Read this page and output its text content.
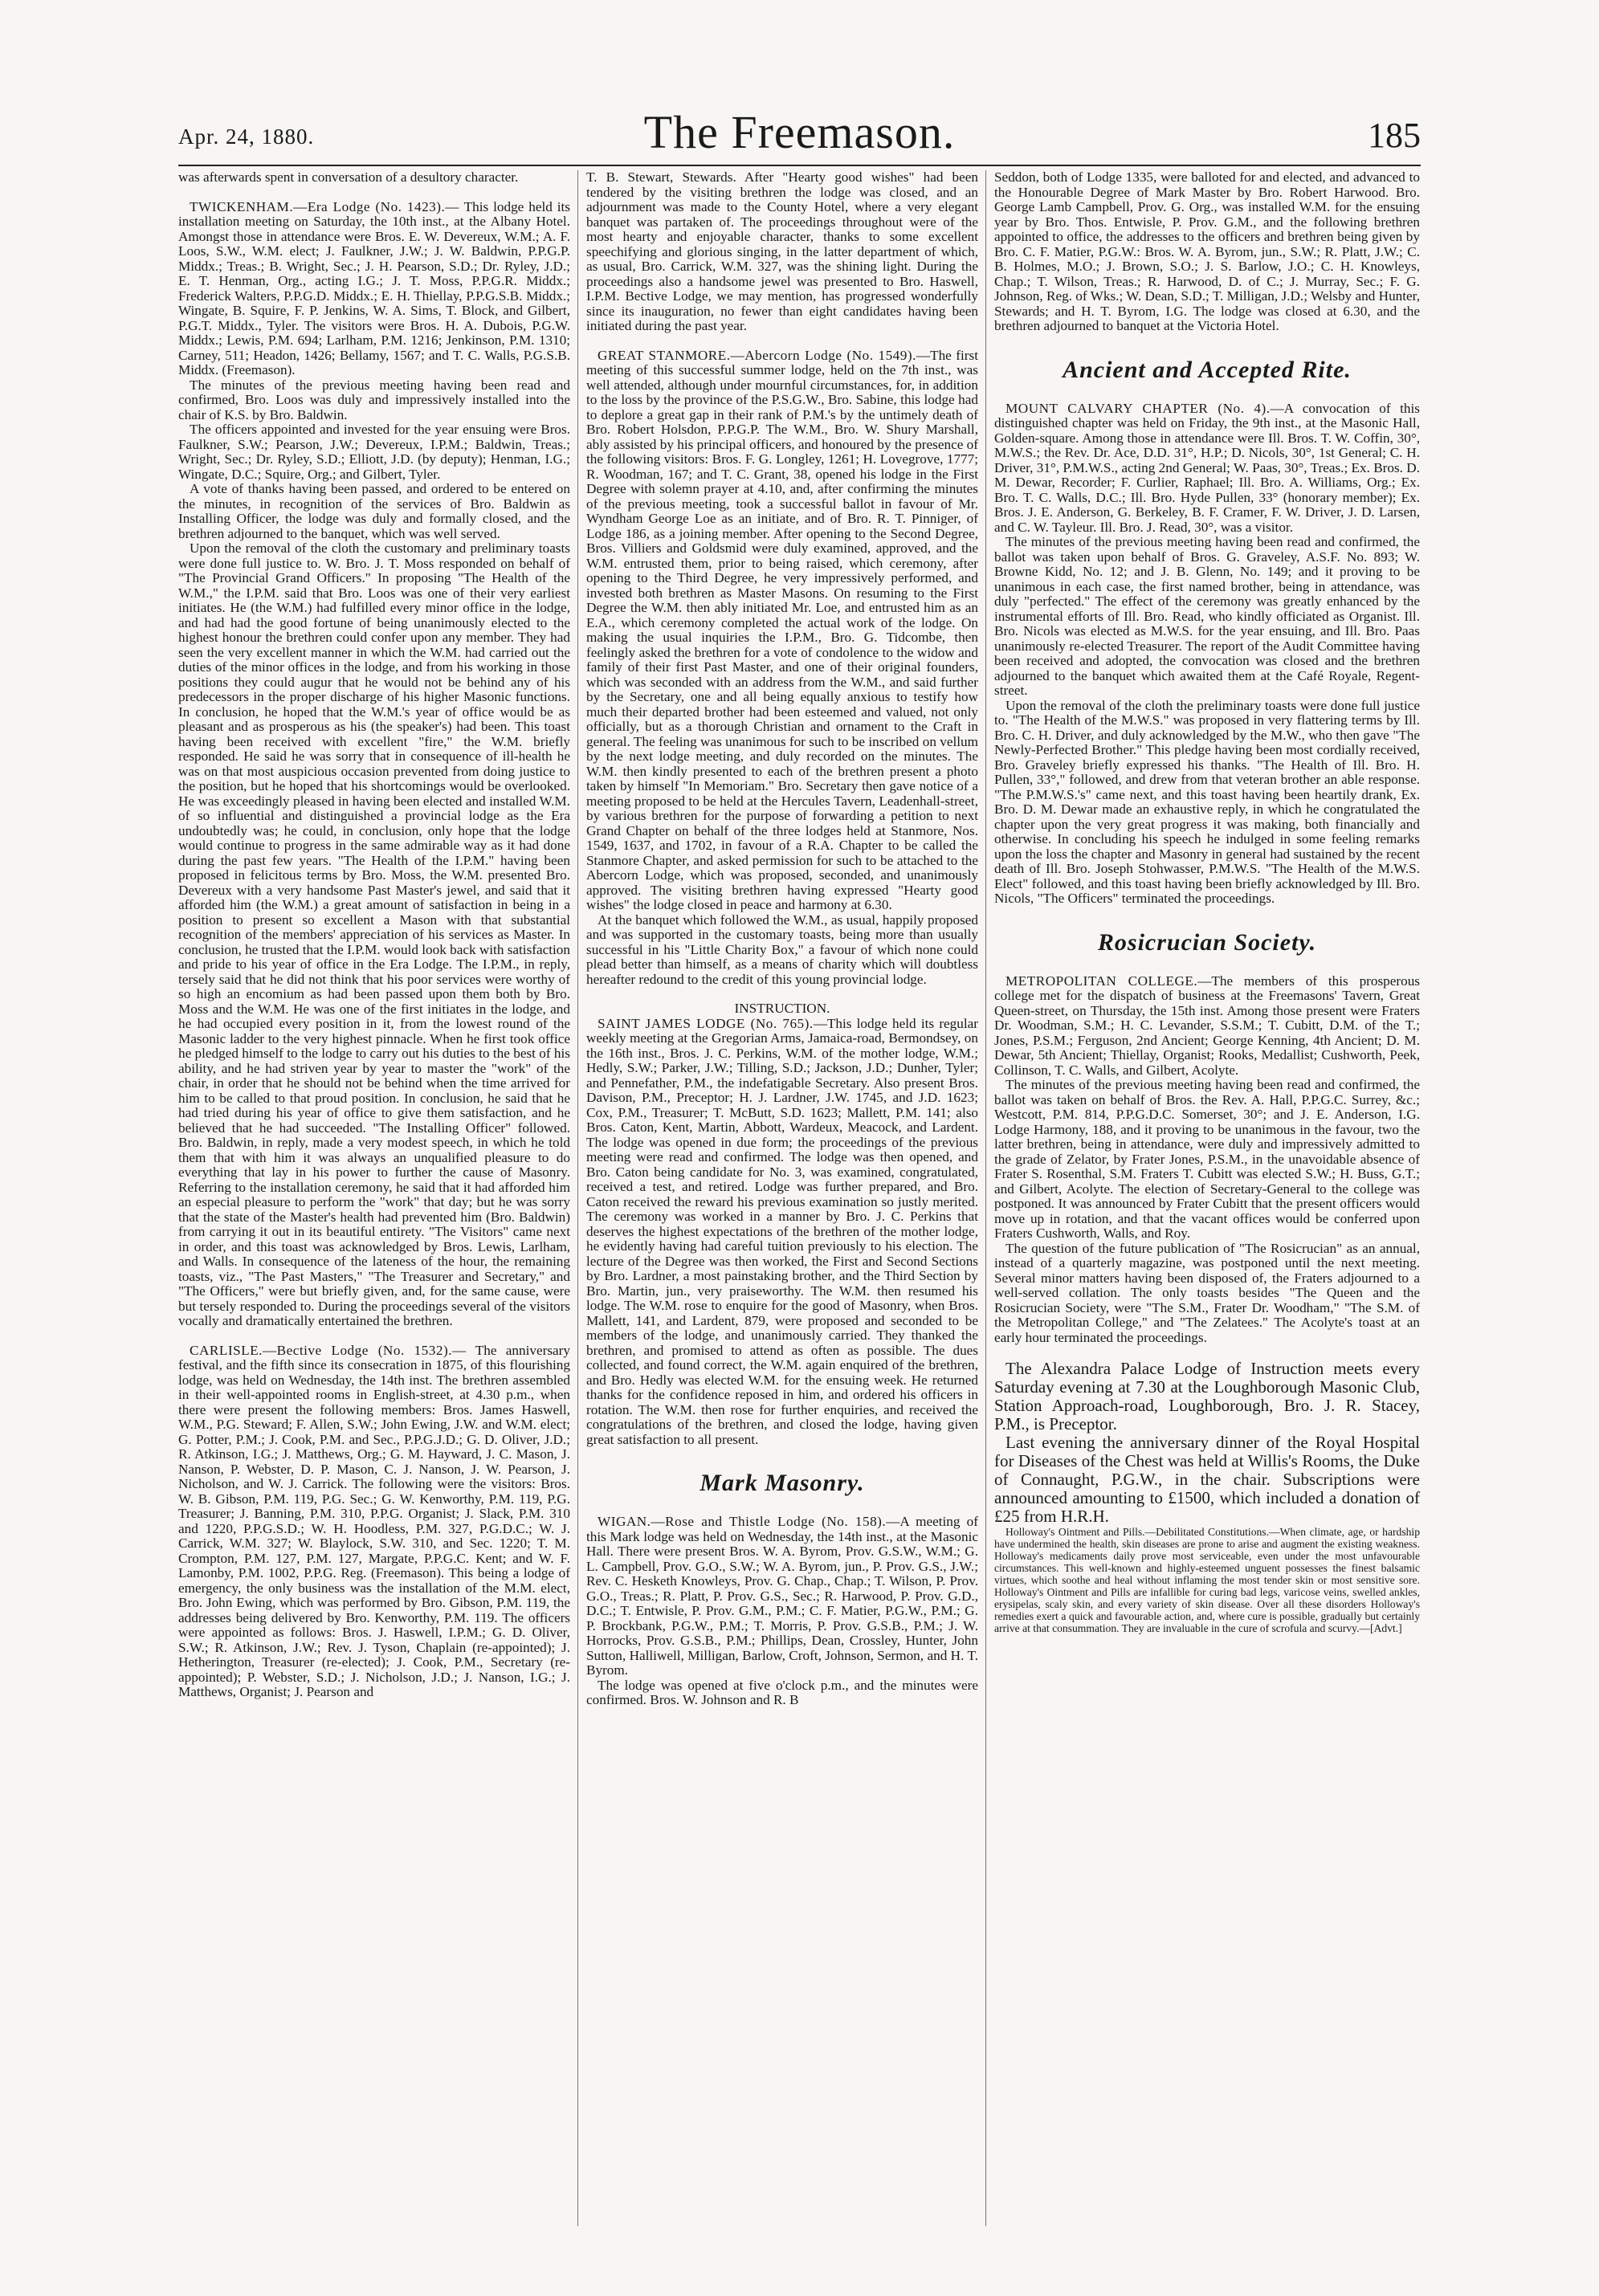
Apr. 24, 1880.	The Freemason.	185

was afterwards spent in conversation of a desultory character.

TWICKENHAM.—Era Lodge (No. 1423).— This lodge held its installation meeting on Saturday, the 10th inst., at the Albany Hotel. Amongst those in attendance were Bros. E. W. Devereux, W.M.; A. F. Loos, S.W., W.M. elect; J. Faulkner, J.W.; J. W. Baldwin, P.P.G.P. Middx.; Treas.; B. Wright, Sec.; J. H. Pearson, S.D.; Dr. Ryley, J.D.; E. T. Henman, Org., acting I.G.; J. T. Moss, P.P.G.R. Middx.; Frederick Walters, P.P.G.D. Middx.; E. H. Thiellay, P.P.G.S.B. Middx.; Wingate, B. Squire, F. P. Jenkins, W. A. Sims, T. Block, and Gilbert, P.G.T. Middx., Tyler. The visitors were Bros. H. A. Dubois, P.G.W. Middx.; Lewis, P.M. 694; Larlham, P.M. 1216; Jenkinson, P.M. 1310; Carney, 511; Headon, 1426; Bellamy, 1567; and T. C. Walls, P.G.S.B. Middx. (Freemason).

The minutes of the previous meeting having been read and confirmed, Bro. Loos was duly and impressively installed into the chair of K.S. by Bro. Baldwin.

The officers appointed and invested for the year ensuing were Bros. Faulkner, S.W.; Pearson, J.W.; Devereux, I.P.M.; Baldwin, Treas.; Wright, Sec.; Dr. Ryley, S.D.; Elliott, J.D. (by deputy); Henman, I.G.; Wingate, D.C.; Squire, Org.; and Gilbert, Tyler.

A vote of thanks having been passed, and ordered to be entered on the minutes, in recognition of the services of Bro. Baldwin as Installing Officer, the lodge was duly and formally closed, and the brethren adjourned to the banquet, which was well served.

Upon the removal of the cloth the customary and preliminary toasts were done full justice to. W. Bro. J. T. Moss responded on behalf of "The Provincial Grand Officers." In proposing "The Health of the W.M.," the I.P.M. said that Bro. Loos was one of their very earliest initiates. He (the W.M.) had fulfilled every minor office in the lodge, and had had the good fortune of being unanimously elected to the highest honour the brethren could confer upon any member. They had seen the very excellent manner in which the W.M. had carried out the duties of the minor offices in the lodge, and from his working in those positions they could augur that he would not be behind any of his predecessors in the proper discharge of his higher Masonic functions. In conclusion, he hoped that the W.M.'s year of office would be as pleasant and as prosperous as his (the speaker's) had been. This toast having been received with excellent "fire," the W.M. briefly responded. He said he was sorry that in consequence of ill-health he was on that most auspicious occasion prevented from doing justice to the position, but he hoped that his shortcomings would be overlooked. He was exceedingly pleased in having been elected and installed W.M. of so influential and distinguished a provincial lodge as the Era undoubtedly was; he could, in conclusion, only hope that the lodge would continue to progress in the same admirable way as it had done during the past few years. "The Health of the I.P.M." having been proposed in felicitous terms by Bro. Moss, the W.M. presented Bro. Devereux with a very handsome Past Master's jewel, and said that it afforded him (the W.M.) a great amount of satisfaction in being in a position to present so excellent a Mason with that substantial recognition of the members' appreciation of his services as Master. In conclusion, he trusted that the I.P.M. would look back with satisfaction and pride to his year of office in the Era Lodge. The I.P.M., in reply, tersely said that he did not think that his poor services were worthy of so high an encomium as had been passed upon them both by Bro. Moss and the W.M. He was one of the first initiates in the lodge, and he had occupied every position in it, from the lowest round of the Masonic ladder to the very highest pinnacle. When he first took office he pledged himself to the lodge to carry out his duties to the best of his ability, and he had striven year by year to master the "work" of the chair, in order that he should not be behind when the time arrived for him to be called to that proud position. In conclusion, he said that he had tried during his year of office to give them satisfaction, and he believed that he had succeeded. "The Installing Officer" followed. Bro. Baldwin, in reply, made a very modest speech, in which he told them that with him it was always an unqualified pleasure to do everything that lay in his power to further the cause of Masonry. Referring to the installation ceremony, he said that it had afforded him an especial pleasure to perform the "work" that day; but he was sorry that the state of the Master's health had prevented him (Bro. Baldwin) from carrying it out in its beautiful entirety. "The Visitors" came next in order, and this toast was acknowledged by Bros. Lewis, Larlham, and Walls. In consequence of the lateness of the hour, the remaining toasts, viz., "The Past Masters," "The Treasurer and Secretary," and "The Officers," were but briefly given, and, for the same cause, were but tersely responded to. During the proceedings several of the visitors vocally and dramatically entertained the brethren.

CARLISLE.—Bective Lodge (No. 1532).— The anniversary festival, and the fifth since its consecration in 1875, of this flourishing lodge, was held on Wednesday, the 14th inst. The brethren assembled in their well-appointed rooms in English-street, at 4.30 p.m., when there were present the following members: Bros. James Haswell, W.M., P.G. Steward; F. Allen, S.W.; John Ewing, J.W. and W.M. elect; G. Potter, P.M.; J. Cook, P.M. and Sec., P.P.G.J.D.; G. D. Oliver, J.D.; R. Atkinson, I.G.; J. Matthews, Org.; G. M. Hayward, J. C. Mason, J. Nanson, P. Webster, D. P. Mason, C. J. Nanson, J. W. Pearson, J. Nicholson, and W. J. Carrick. The following were the visitors: Bros. W. B. Gibson, P.M. 119, P.G. Sec.; G. W. Kenworthy, P.M. 119, P.G. Treasurer; J. Banning, P.M. 310, P.P.G. Organist; J. Slack, P.M. 310 and 1220, P.P.G.S.D.; W. H. Hoodless, P.M. 327, P.G.D.C.; W. J. Carrick, W.M. 327; W. Blaylock, S.W. 310, and Sec. 1220; T. M. Crompton, P.M. 127, P.M. 127, Margate, P.P.G.C. Kent; and W. F. Lamonby, P.M. 1002, P.P.G. Reg. (Freemason). This being a lodge of emergency, the only business was the installation of the M.M. elect, Bro. John Ewing, which was performed by Bro. Gibson, P.M. 119, the addresses being delivered by Bro. Kenworthy, P.M. 119. The officers were appointed as follows: Bros. J. Haswell, I.P.M.; G. D. Oliver, S.W.; R. Atkinson, J.W.; Rev. J. Tyson, Chaplain (re-appointed); J. Hetherington, Treasurer (re-elected); J. Cook, P.M., Secretary (re-appointed); P. Webster, S.D.; J. Nicholson, J.D.; J. Nanson, I.G.; J. Matthews, Organist; J. Pearson and

T. B. Stewart, Stewards. After "Hearty good wishes" had been tendered by the visiting brethren the lodge was closed, and an adjournment was made to the County Hotel, where a very elegant banquet was partaken of. The proceedings throughout were of the most hearty and enjoyable character, thanks to some excellent speechifying and glorious singing, in the latter department of which, as usual, Bro. Carrick, W.M. 327, was the shining light. During the proceedings also a handsome jewel was presented to Bro. Haswell, I.P.M. Bective Lodge, we may mention, has progressed wonderfully since its inauguration, no fewer than eight candidates having been initiated during the past year.

GREAT STANMORE.—Abercorn Lodge (No. 1549).—The first meeting of this successful summer lodge, held on the 7th inst., was well attended, although under mournful circumstances, for, in addition to the loss by the province of the P.S.G.W., Bro. Sabine, this lodge had to deplore a great gap in their rank of P.M.'s by the untimely death of Bro. Robert Holsdon, P.P.G.P. The W.M., Bro. W. Shury Marshall, ably assisted by his principal officers, and honoured by the presence of the following visitors: Bros. F. G. Longley, 1261; H. Lovegrove, 1777; R. Woodman, 167; and T. C. Grant, 38, opened his lodge in the First Degree with solemn prayer at 4.10, and, after confirming the minutes of the previous meeting, took a successful ballot in favour of Mr. Wyndham George Loe as an initiate, and of Bro. R. T. Pinniger, of Lodge 186, as a joining member. After opening to the Second Degree, Bros. Villiers and Goldsmid were duly examined, approved, and the W.M. entrusted them, prior to being raised, which ceremony, after opening to the Third Degree, he very impressively performed, and invested both brethren as Master Masons. On resuming to the First Degree the W.M. then ably initiated Mr. Loe, and entrusted him as an E.A., which ceremony completed the actual work of the lodge. On making the usual inquiries the I.P.M., Bro. G. Tidcombe, then feelingly asked the brethren for a vote of condolence to the widow and family of their first Past Master, and one of their original founders, which was seconded with an address from the W.M., and said further by the Secretary, one and all being equally anxious to testify how much their departed brother had been esteemed and valued, not only officially, but as a thorough Christian and ornament to the Craft in general. The feeling was unanimous for such to be inscribed on vellum by the next lodge meeting, and duly recorded on the minutes. The W.M. then kindly presented to each of the brethren present a photo taken by himself "In Memoriam." Bro. Secretary then gave notice of a meeting proposed to be held at the Hercules Tavern, Leadenhall-street, by various brethren for the purpose of forwarding a petition to next Grand Chapter on behalf of the three lodges held at Stanmore, Nos. 1549, 1637, and 1702, in favour of a R.A. Chapter to be called the Stanmore Chapter, and asked permission for such to be attached to the Abercorn Lodge, which was proposed, seconded, and unanimously approved. The visiting brethren having expressed "Hearty good wishes" the lodge closed in peace and harmony at 6.30.

At the banquet which followed the W.M., as usual, happily proposed and was supported in the customary toasts, being more than usually successful in his "Little Charity Box," a favour of which none could plead better than himself, as a means of charity which will doubtless hereafter redound to the credit of this young provincial lodge.

INSTRUCTION.

SAINT JAMES LODGE (No. 765).—This lodge held its regular weekly meeting at the Gregorian Arms, Jamaica-road, Bermondsey, on the 16th inst., Bros. J. C. Perkins, W.M. of the mother lodge, W.M.; Hedly, S.W.; Parker, J.W.; Tilling, S.D.; Jackson, J.D.; Dunher, Tyler; and Pennefather, P.M., the indefatigable Secretary. Also present Bros. Davison, P.M., Preceptor; H. J. Lardner, J.W. 1745, and J.D. 1623; Cox, P.M., Treasurer; T. McButt, S.D. 1623; Mallett, P.M. 141; also Bros. Caton, Kent, Martin, Abbott, Wardeux, Meacock, and Lardent. The lodge was opened in due form; the proceedings of the previous meeting were read and confirmed. The lodge was then opened, and Bro. Caton being candidate for No. 3, was examined, congratulated, received a test, and retired. Lodge was further prepared, and Bro. Caton received the reward his previous examination so justly merited. The ceremony was worked in a manner by Bro. J. C. Perkins that deserves the highest expectations of the brethren of the mother lodge, he evidently having had careful tuition previously to his election. The lecture of the Degree was then worked, the First and Second Sections by Bro. Lardner, a most painstaking brother, and the Third Section by Bro. Martin, jun., very praiseworthy. The W.M. then resumed his lodge. The W.M. rose to enquire for the good of Masonry, when Bros. Mallett, 141, and Lardent, 879, were proposed and seconded to be members of the lodge, and unanimously carried. They thanked the brethren, and promised to attend as often as possible. The dues collected, and found correct, the W.M. again enquired of the brethren, and Bro. Hedly was elected W.M. for the ensuing week. He returned thanks for the confidence reposed in him, and ordered his officers in rotation. The W.M. then rose for further enquiries, and received the congratulations of the brethren, and closed the lodge, having given great satisfaction to all present.

Mark Masonry.

WIGAN.—Rose and Thistle Lodge (No. 158).—A meeting of this Mark lodge was held on Wednesday, the 14th inst., at the Masonic Hall. There were present Bros. W. A. Byrom, Prov. G.S.W., W.M.; G. L. Campbell, Prov. G.O., S.W.; W. A. Byrom, jun., P. Prov. G.S., J.W.; Rev. C. Hesketh Knowleys, Prov. G. Chap., Chap.; T. Wilson, P. Prov. G.O., Treas.; R. Platt, P. Prov. G.S., Sec.; R. Harwood, P. Prov. G.D., D.C.; T. Entwisle, P. Prov. G.M., P.M.; C. F. Matier, P.G.W., P.M.; G. P. Brockbank, P.G.W., P.M.; T. Morris, P. Prov. G.S.B., P.M.; J. W. Horrocks, Prov. G.S.B., P.M.; Phillips, Dean, Crossley, Hunter, John Sutton, Halliwell, Milligan, Barlow, Croft, Johnson, Sermon, and H. T. Byrom.

The lodge was opened at five o'clock p.m., and the minutes were confirmed. Bros. W. Johnson and R. B

Seddon, both of Lodge 1335, were balloted for and elected, and advanced to the Honourable Degree of Mark Master by Bro. Robert Harwood. Bro. George Lamb Campbell, Prov. G. Org., was installed W.M. for the ensuing year by Bro. Thos. Entwisle, P. Prov. G.M., and the following brethren appointed to office, the addresses to the officers and brethren being given by Bro. C. F. Matier, P.G.W.: Bros. W. A. Byrom, jun., S.W.; R. Platt, J.W.; C. B. Holmes, M.O.; J. Brown, S.O.; J. S. Barlow, J.O.; C. H. Knowleys, Chap.; T. Wilson, Treas.; R. Harwood, D. of C.; J. Murray, Sec.; F. G. Johnson, Reg. of Wks.; W. Dean, S.D.; T. Milligan, J.D.; Welsby and Hunter, Stewards; and H. T. Byrom, I.G. The lodge was closed at 6.30, and the brethren adjourned to banquet at the Victoria Hotel.

Ancient and Accepted Rite.

MOUNT CALVARY CHAPTER (No. 4).—A convocation of this distinguished chapter was held on Friday, the 9th inst., at the Masonic Hall, Golden-square. Among those in attendance were Ill. Bros. T. W. Coffin, 30°, M.W.S.; the Rev. Dr. Ace, D.D. 31°, H.P.; D. Nicols, 30°, 1st General; C. H. Driver, 31°, P.M.W.S., acting 2nd General; W. Paas, 30°, Treas.; Ex. Bros. D. M. Dewar, Recorder; F. Curlier, Raphael; Ill. Bro. A. Williams, Org.; Ex. Bro. T. C. Walls, D.C.; Ill. Bro. Hyde Pullen, 33° (honorary member); Ex. Bros. J. E. Anderson, G. Berkeley, B. F. Cramer, F. W. Driver, J. D. Larsen, and C. W. Tayleur. Ill. Bro. J. Read, 30°, was a visitor.

The minutes of the previous meeting having been read and confirmed, the ballot was taken upon behalf of Bros. G. Graveley, A.S.F. No. 893; W. Browne Kidd, No. 12; and J. B. Glenn, No. 149; and it proving to be unanimous in each case, the first named brother, being in attendance, was duly "perfected." The effect of the ceremony was greatly enhanced by the instrumental efforts of Ill. Bro. Read, who kindly officiated as Organist. Ill. Bro. Nicols was elected as M.W.S. for the year ensuing, and Ill. Bro. Paas unanimously re-elected Treasurer. The report of the Audit Committee having been received and adopted, the convocation was closed and the brethren adjourned to the banquet which awaited them at the Café Royale, Regent-street.

Upon the removal of the cloth the preliminary toasts were done full justice to. "The Health of the M.W.S." was proposed in very flattering terms by Ill. Bro. C. H. Driver, and duly acknowledged by the M.W., who then gave "The Newly-Perfected Brother." This pledge having been most cordially received, Bro. Graveley briefly expressed his thanks. "The Health of Ill. Bro. H. Pullen, 33°," followed, and drew from that veteran brother an able response. "The P.M.W.S.'s" came next, and this toast having been heartily drank, Ex. Bro. D. M. Dewar made an exhaustive reply, in which he congratulated the chapter upon the very great progress it was making, both financially and otherwise. In concluding his speech he indulged in some feeling remarks upon the loss the chapter and Masonry in general had sustained by the recent death of Ill. Bro. Joseph Stohwasser, P.M.W.S. "The Health of the M.W.S. Elect" followed, and this toast having been briefly acknowledged by Ill. Bro. Nicols, "The Officers" terminated the proceedings.

Rosicrucian Society.

METROPOLITAN COLLEGE.—The members of this prosperous college met for the dispatch of business at the Freemasons' Tavern, Great Queen-street, on Thursday, the 15th inst. Among those present were Fraters Dr. Woodman, S.M.; H. C. Levander, S.S.M.; T. Cubitt, D.M. of the T.; Jones, P.S.M.; Ferguson, 2nd Ancient; George Kenning, 4th Ancient; D. M. Dewar, 5th Ancient; Thiellay, Organist; Rooks, Medallist; Cushworth, Peek, Collinson, T. C. Walls, and Gilbert, Acolyte.

The minutes of the previous meeting having been read and confirmed, the ballot was taken on behalf of Bros. the Rev. A. Hall, P.P.G.C. Surrey, &c.; Westcott, P.M. 814, P.P.G.D.C. Somerset, 30°; and J. E. Anderson, I.G. Lodge Harmony, 188, and it proving to be unanimous in the favour, two the latter brethren, being in attendance, were duly and impressively admitted to the grade of Zelator, by Frater Jones, P.S.M., in the unavoidable absence of Frater S. Rosenthal, S.M. Fraters T. Cubitt was elected S.W.; H. Buss, G.T.; and Gilbert, Acolyte. The election of Secretary-General to the college was postponed. It was announced by Frater Cubitt that the present officers would move up in rotation, and that the vacant offices would be conferred upon Fraters Cushworth, Walls, and Roy.

The question of the future publication of "The Rosicrucian" as an annual, instead of a quarterly magazine, was postponed until the next meeting. Several minor matters having been disposed of, the Fraters adjourned to a well-served collation. The only toasts besides "The Queen and the Rosicrucian Society, were "The S.M., Frater Dr. Woodham," "The S.M. of the Metropolitan College," and "The Zelatees." The Acolyte's toast at an early hour terminated the proceedings.

The Alexandra Palace Lodge of Instruction meets every Saturday evening at 7.30 at the Loughborough Masonic Club, Station Approach-road, Loughborough, Bro. J. R. Stacey, P.M., is Preceptor.

Last evening the anniversary dinner of the Royal Hospital for Diseases of the Chest was held at Willis's Rooms, the Duke of Connaught, P.G.W., in the chair. Subscriptions were announced amounting to £1500, which included a donation of £25 from H.R.H.

Holloway's Ointment and Pills.—Debilitated Constitutions.—When climate, age, or hardship have undermined the health, skin diseases are prone to arise and augment the existing weakness. Holloway's medicaments daily prove most serviceable, even under the most unfavourable circumstances. This well-known and highly-esteemed unguent possesses the finest balsamic virtues, which soothe and heal without inflaming the most tender skin or most sensitive sore. Holloway's Ointment and Pills are infallible for curing bad legs, varicose veins, swelled ankles, erysipelas, scaly skin, and every variety of skin disease. Over all these disorders Holloway's remedies exert a quick and favourable action, and, where cure is possible, gradually but certainly arrive at that consummation. They are invaluable in the cure of scrofula and scurvy.—[Advt.]
